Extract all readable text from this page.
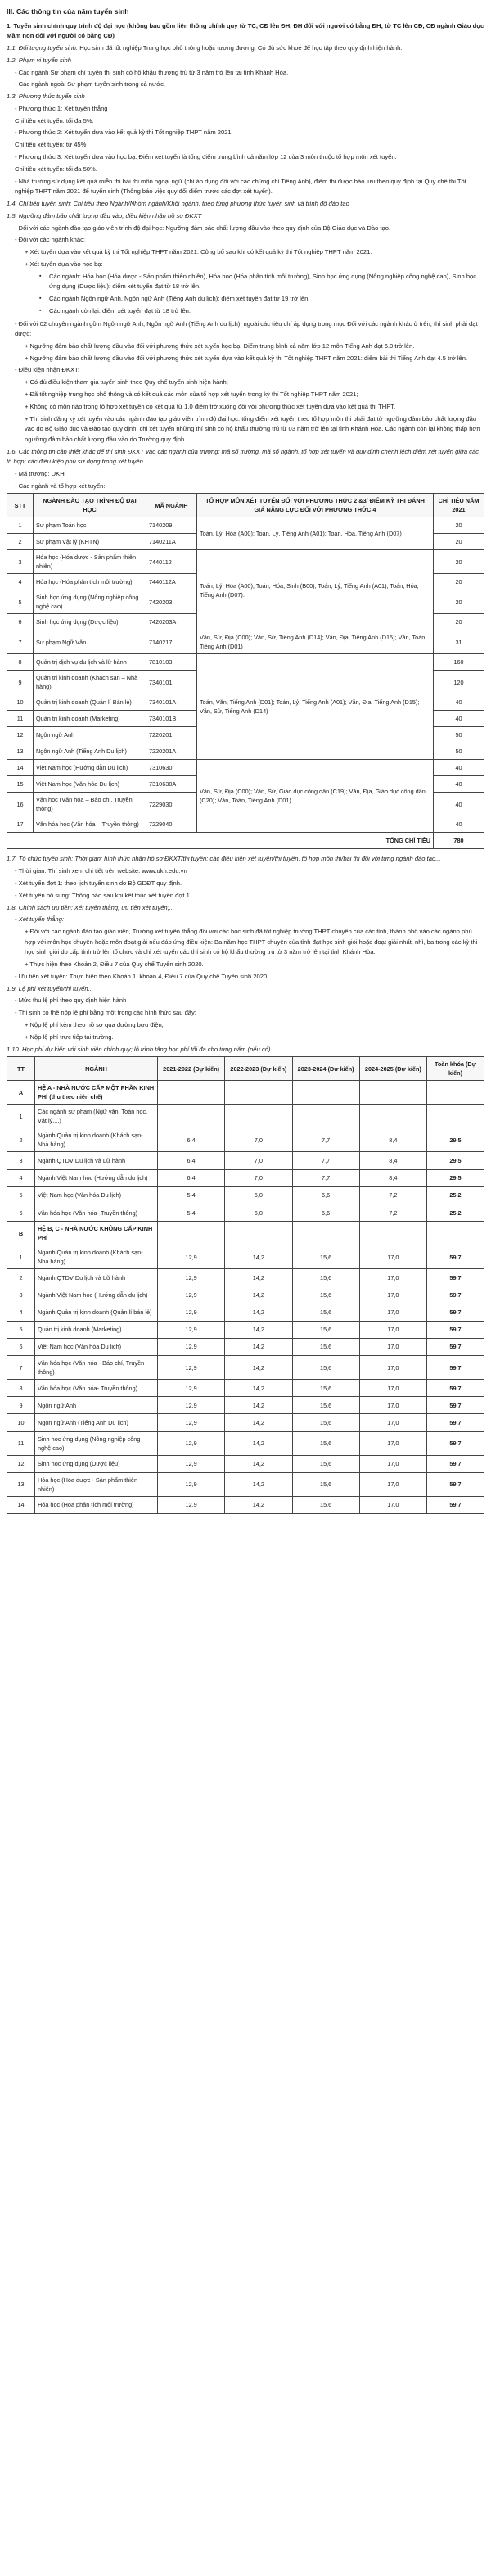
III. Các thông tin của năm tuyển sinh

1. Tuyển sinh chính quy trình độ đại học (không bao gồm liên thông chính quy từ TC, CĐ lên ĐH, ĐH đối với người có bằng ĐH; từ TC lên CĐ, CĐ ngành Giáo dục Mầm non đối với người có bằng CĐ)

1.1. Đối tượng tuyển sinh: Học sinh đã tốt nghiệp Trung học phổ thông hoặc tương đương. Có đủ sức khoẻ để học tập theo quy định hiện hành.

1.2. Phạm vi tuyển sinh

- Các ngành Sư phạm chỉ tuyển thí sinh có hộ khẩu thường trú từ 3 năm trở lên tại tỉnh Khánh Hòa.

- Các ngành ngoài Sư phạm tuyển sinh trong cả nước.

1.3. Phương thức tuyển sinh

- Phương thức 1: Xét tuyển thẳng

Chỉ tiêu xét tuyển: tối đa 5%.

- Phương thức 2: Xét tuyển dựa vào kết quả kỳ thi Tốt nghiệp THPT năm 2021.

Chỉ tiêu xét tuyển: từ 45%

- Phương thức 3: Xét tuyển dựa vào học bạ: Điểm xét tuyển là tổng điểm trung bình cả năm lớp 12 của 3 môn thuộc tổ hợp môn xét tuyển.

Chỉ tiêu xét tuyển: tối đa 50%.

- Nhà trường sử dụng kết quả miễn thi bài thi môn ngoại ngữ (chỉ áp dụng đối với các chứng chỉ Tiếng Anh), điểm thi được bảo lưu theo quy định tại Quy chế thi Tốt nghiệp THPT năm 2021 để tuyển sinh (Thông báo việc quy đổi điểm trước các đợt xét tuyển).

1.4. Chỉ tiêu tuyển sinh: Chỉ tiêu theo Ngành/Nhóm ngành/Khối ngành, theo từng phương thức tuyển sinh và trình độ đào tạo

1.5. Ngưỡng đảm bảo chất lượng đầu vào, điều kiện nhận hồ sơ ĐKXT

- Đối với các ngành đào tạo giáo viên trình độ đại học: Ngưỡng đảm bảo chất lượng đầu vào theo quy định của Bộ Giáo dục và Đào tạo.

- Đối với các ngành khác:

+ Xét tuyển dựa vào kết quả kỳ thi Tốt nghiệp THPT năm 2021: Công bố sau khi có kết quả kỳ thi Tốt nghiệp THPT năm 2021.

+ Xét tuyển dựa vào học bạ:

▪ Các ngành: Hóa học (Hóa dược - Sản phẩm thiên nhiên), Hóa học (Hóa phân tích môi trường), Sinh học ứng dụng (Nông nghiệp công nghệ cao), Sinh học ứng dụng (Dược liệu): điểm xét tuyển đạt từ 18 trở lên.
▪ Các ngành Ngôn ngữ Anh, Ngôn ngữ Anh (Tiếng Anh du lịch): điểm xét tuyển đạt từ 19 trở lên.
▪ Các ngành còn lại: điểm xét tuyển đạt từ 18 trở lên.

- Đối với 02 chuyên ngành gồm Ngôn ngữ Anh, Ngôn ngữ Anh (Tiếng Anh du lịch), ngoài các tiêu chí áp dụng trong mục Đối với các ngành khác ở trên, thí sinh phải đạt được:

+ Ngưỡng đảm bảo chất lượng đầu vào đối với phương thức xét tuyển học bạ: Điểm trung bình cả năm lớp 12 môn Tiếng Anh đạt 6.0 trở lên.

+ Ngưỡng đảm bảo chất lượng đầu vào đối với phương thức xét tuyển dựa vào kết quả kỳ thi Tốt nghiệp THPT năm 2021: điểm bài thi Tiếng Anh đạt 4.5 trở lên.

- Điều kiện nhận ĐKXT:

+ Có đủ điều kiện tham gia tuyển sinh theo Quy chế tuyển sinh hiện hành;

+ Đã tốt nghiệp trung học phổ thông và có kết quả các môn của tổ hợp xét tuyển trong kỳ thi Tốt nghiệp THPT năm 2021;

+ Không có môn nào trong tổ hợp xét tuyển có kết quả từ 1,0 điểm trở xuống đối với phương thức xét tuyển dựa vào kết quả thi THPT.

+ Thí sinh đăng ký xét tuyển vào các ngành đào tạo giáo viên trình độ đại học: tổng điểm xét tuyển theo tổ hợp môn thi phải đạt từ ngưỡng đảm bảo chất lượng đầu vào do Bộ Giáo dục và Đào tạo quy định, chỉ xét tuyển những thí sinh có hộ khẩu thường trú từ 03 năm trở lên tại tỉnh Khánh Hòa. Các ngành còn lại không thấp hơn ngưỡng đảm bảo chất lượng đầu vào do Trường quy định.

1.6. Các thông tin cần thiết khác để thí sinh ĐKXT vào các ngành của trường: mã số trường, mã số ngành, tổ hợp xét tuyển và quy định chênh lệch điểm xét tuyển giữa các tổ hợp; các điều kiện phụ sử dụng trong xét tuyển...

- Mã trường: UKH

- Các ngành và tổ hợp xét tuyển:

STT	NGÀNH ĐÀO TẠO TRÌNH ĐỘ ĐẠI HỌC	MÃ NGÀNH	TỔ HỢP MÔN XÉT TUYỂN ĐỐI VỚI PHƯƠNG THỨC 2 &3/ ĐIỂM KỲ THI ĐÁNH GIÁ NĂNG LỰC ĐỐI VỚI PHƯƠNG THỨC 4	CHỈ TIÊU NĂM 2021
1	Sư phạm Toán học	7140209	Toán, Lý, Hóa (A00); Toán, Lý, Tiếng Anh (A01); Toán, Hóa, Tiếng Anh (D07)	20
2	Sư phạm Vật lý (KHTN)	7140211A		20
3	Hóa học (Hóa dược - Sản phẩm thiên nhiên)	7440112	Toán, Lý, Hóa (A00); Toán, Hóa, Sinh (B00); Toán, Lý, Tiếng Anh (A01); Toán, Hóa, Tiếng Anh (D07).	20
4	Hóa học (Hóa phân tích môi trường)	7440112A		20
5	Sinh học ứng dụng (Nông nghiệp công nghệ cao)	7420203		20
6	Sinh học ứng dụng (Dược liệu)	7420203A		20
7	Sư phạm Ngữ Văn	7140217	Văn, Sử, Địa (C00); Văn, Sử, Tiếng Anh (D14); Văn, Địa, Tiếng Anh (D15); Văn, Toán, Tiếng Anh (D01)	31
8	Quản trị dịch vụ du lịch và lữ hành	7810103	Toán, Văn, Tiếng Anh (D01); Toán, Lý, Tiếng Anh (A01); Văn, Địa, Tiếng Anh (D15); Văn, Sử, Tiếng Anh (D14)	160
9	Quản trị kinh doanh (Khách sạn – Nhà hàng)	7340101		120
10	Quản trị kinh doanh (Quản lí Bán lẻ)	7340101A		40
11	Quản trị kinh doanh (Marketing)	7340101B		40
12	Ngôn ngữ Anh	7220201		50
13	Ngôn ngữ Anh (Tiếng Anh Du lịch)	7220201A		50
14	Việt Nam học (Hướng dẫn Du lịch)	7310630	Văn, Sử, Địa (C00); Văn, Sử, Giáo dục công dân (C19); Văn, Địa, Giáo dục công dân (C20); Văn, Toán, Tiếng Anh (D01)	40
15	Việt Nam học (Văn hóa Du lịch)	7310630A		40
16	Văn học (Văn hóa – Báo chí, Truyền thông)	7229030		40
17	Văn hóa học (Văn hóa – Truyền thông)	7229040		40
TỔNG CHỈ TIÊU				780

1.7. Tổ chức tuyển sinh: Thời gian; hình thức nhận hồ sơ ĐKXT/thi tuyển; các điều kiện xét tuyển/thi tuyển, tổ hợp môn thi/bài thi đối với từng ngành đào tạo...

- Thời gian: Thí sinh xem chi tiết trên website: www.ukh.edu.vn

- Xét tuyển đợt 1: theo lịch tuyển sinh do Bộ GDĐT quy định.

- Xét tuyển bổ sung: Thông báo sau khi kết thúc xét tuyển đợt 1.

1.8. Chính sách ưu tiên: Xét tuyển thẳng; ưu tiên xét tuyển;...

- Xét tuyển thẳng:

+ Đối với các ngành đào tạo giáo viên, Trường xét tuyển thẳng đối với các học sinh đã tốt nghiệp trường THPT chuyên của các tỉnh, thành phố vào các ngành phù hợp với môn học chuyên hoặc môn đoạt giải nếu đáp ứng điều kiện: Ba năm học THPT chuyên của tỉnh đạt học sinh giỏi hoặc đoạt giải nhất, nhì, ba trong các kỳ thi học sinh giỏi do cấp tỉnh trở lên tổ chức và chỉ xét tuyển các thí sinh có hộ khẩu thường trú từ 3 năm trở lên tại tỉnh Khánh Hòa.

+ Thực hiện theo Khoản 2, Điều 7 của Quy chế Tuyển sinh 2020.

- Ưu tiên xét tuyển: Thực hiện theo Khoản 1, khoản 4, Điều 7 của Quy chế Tuyển sinh 2020.

1.9. Lệ phí xét tuyển/thi tuyển...

- Mức thu lệ phí theo quy định hiện hành

- Thí sinh có thể nộp lệ phí bằng một trong các hình thức sau đây:

+ Nộp lệ phí kèm theo hồ sơ qua đường bưu điện;

+ Nộp lệ phí trực tiếp tại trường.

1.10. Học phí dự kiến với sinh viên chính quy; lộ trình tăng học phí tối đa cho từng năm (nếu có)

TT	NGÀNH	2021-2022 (Dự kiến)	2022-2023 (Dự kiến)	2023-2024 (Dự kiến)	2024-2025 (Dự kiến)	Toàn khóa (Dự kiến)
A	HỆ A - NHÀ NƯỚC CẤP MỘT PHẦN KINH PHÍ (thu theo niên chế)					
1	Các ngành sư phạm (Ngữ văn, Toán học, Vật lý,...)					
2	Ngành Quản trị kinh doanh (Khách sạn- Nhà hàng)	6,4	7,0	7,7	8,4	29,5
3	Ngành QTDV Du lịch và Lữ hành	6,4	7,0	7,7	8,4	29,5
4	Ngành Việt Nam học (Hướng dẫn du lịch)	6,4	7,0	7,7	8,4	29,5
5	Việt Nam học (Văn hóa Du lịch)	5,4	6,0	6,6	7,2	25,2
6	Văn hóa học (Văn hóa- Truyền thông)	5,4	6,0	6,6	7,2	25,2
B	HỆ B, C - NHÀ NƯỚC KHÔNG CẤP KINH PHÍ					
1	Ngành Quản trị kinh doanh (Khách sạn- Nhà hàng)	12,9	14,2	15,6	17,0	59,7
2	Ngành QTDV Du lịch và Lữ hành	12,9	14,2	15,6	17,0	59,7
3	Ngành Việt Nam học (Hướng dẫn du lịch)	12,9	14,2	15,6	17,0	59,7
4	Ngành Quản trị kinh doanh (Quản lí bán lẻ)	12,9	14,2	15,6	17,0	59,7
5	Quản trị kinh doanh (Marketing)	12,9	14,2	15,6	17,0	59,7
6	Việt Nam học (Văn hóa Du lịch)	12,9	14,2	15,6	17,0	59,7
7	Văn hóa học (Văn hóa - Báo chí, Truyền thông)	12,9	14,2	15,6	17,0	59,7
8	Văn hóa học (Văn hóa- Truyền thông)	12,9	14,2	15,6	17,0	59,7
9	Ngôn ngữ Anh	12,9	14,2	15,6	17,0	59,7
10	Ngôn ngữ Anh (Tiếng Anh Du lịch)	12,9	14,2	15,6	17,0	59,7
11	Sinh học ứng dụng (Nông nghiệp công nghệ cao)	12,9	14,2	15,6	17,0	59,7
12	Sinh học ứng dụng (Dược liệu)	12,9	14,2	15,6	17,0	59,7
13	Hóa học (Hóa dược - Sản phẩm thiên nhiên)	12,9	14,2	15,6	17,0	59,7
14	Hóa học (Hóa phân tích môi trường)	12,9	14,2	15,6	17,0	59,7
